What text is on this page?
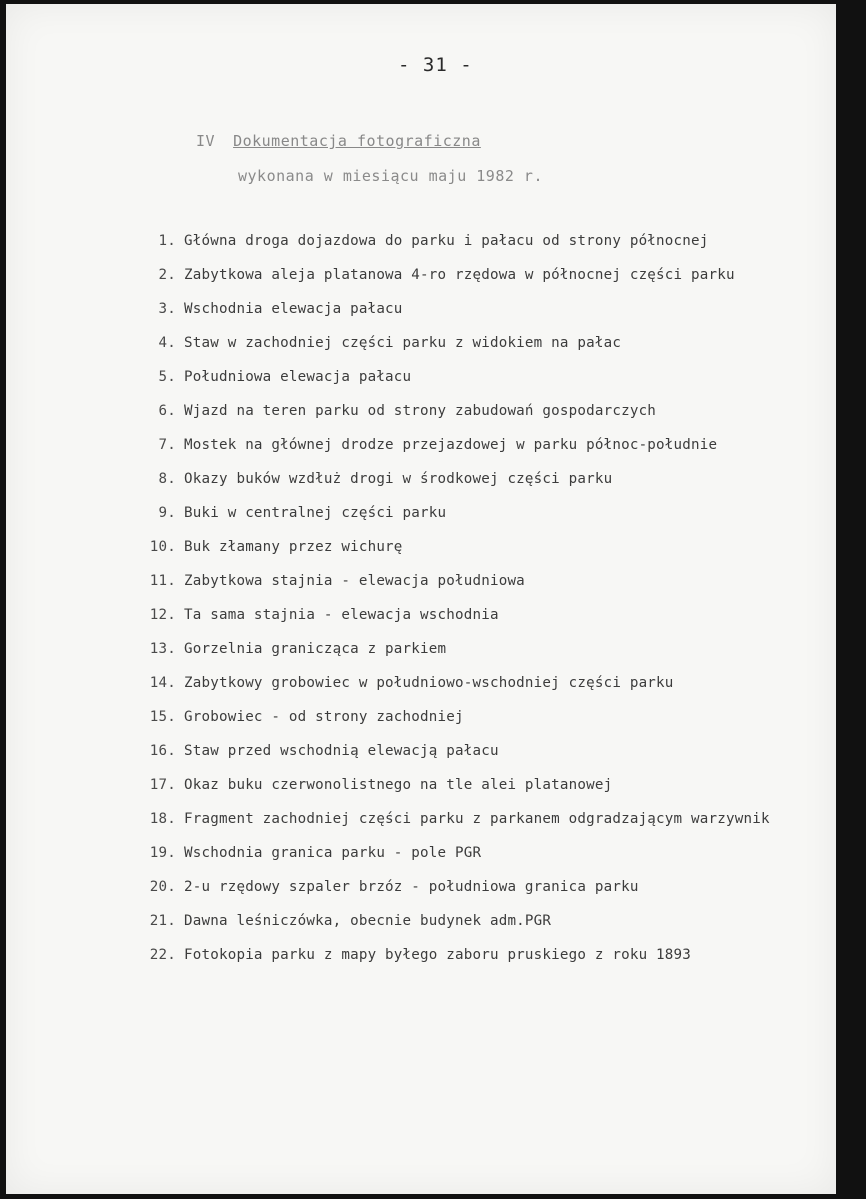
- 31 -
IV Dokumentacja fotograficzna
wykonana w miesiącu maju 1982 r.
1. Główna droga dojazdowa do parku i pałacu od strony północnej
2. Zabytkowa aleja platanowa 4-ro rzędowa w północnej części parku
3. Wschodnia elewacja pałacu
4. Staw w zachodniej części parku z widokiem na pałac
5. Południowa elewacja pałacu
6. Wjazd na teren parku od strony zabudowań gospodarczych
7. Mostek na głównej drodze przejazdowej w parku północ-południe
8. Okazy buków wzdłuż drogi w środkowej części parku
9. Buki w centralnej części parku
10. Buk złamany przez wichurę
11. Zabytkowa stajnia - elewacja południowa
12. Ta sama stajnia - elewacja wschodnia
13. Gorzelnia granicząca z parkiem
14. Zabytkowy grobowiec w południowo-wschodniej części parku
15. Grobowiec - od strony zachodniej
16. Staw przed wschodnią elewacją pałacu
17. Okaz buku czerwonolistnego na tle alei platanowej
18. Fragment zachodniej części parku z parkanem odgradzającym warzywnik
19. Wschodnia granica parku - pole PGR
20. 2-u rzędowy szpaler brzóz - południowa granica parku
21. Dawna leśniczówka, obecnie budynek adm.PGR
22. Fotokopia parku z mapy byłego zaboru pruskiego z roku 1893
